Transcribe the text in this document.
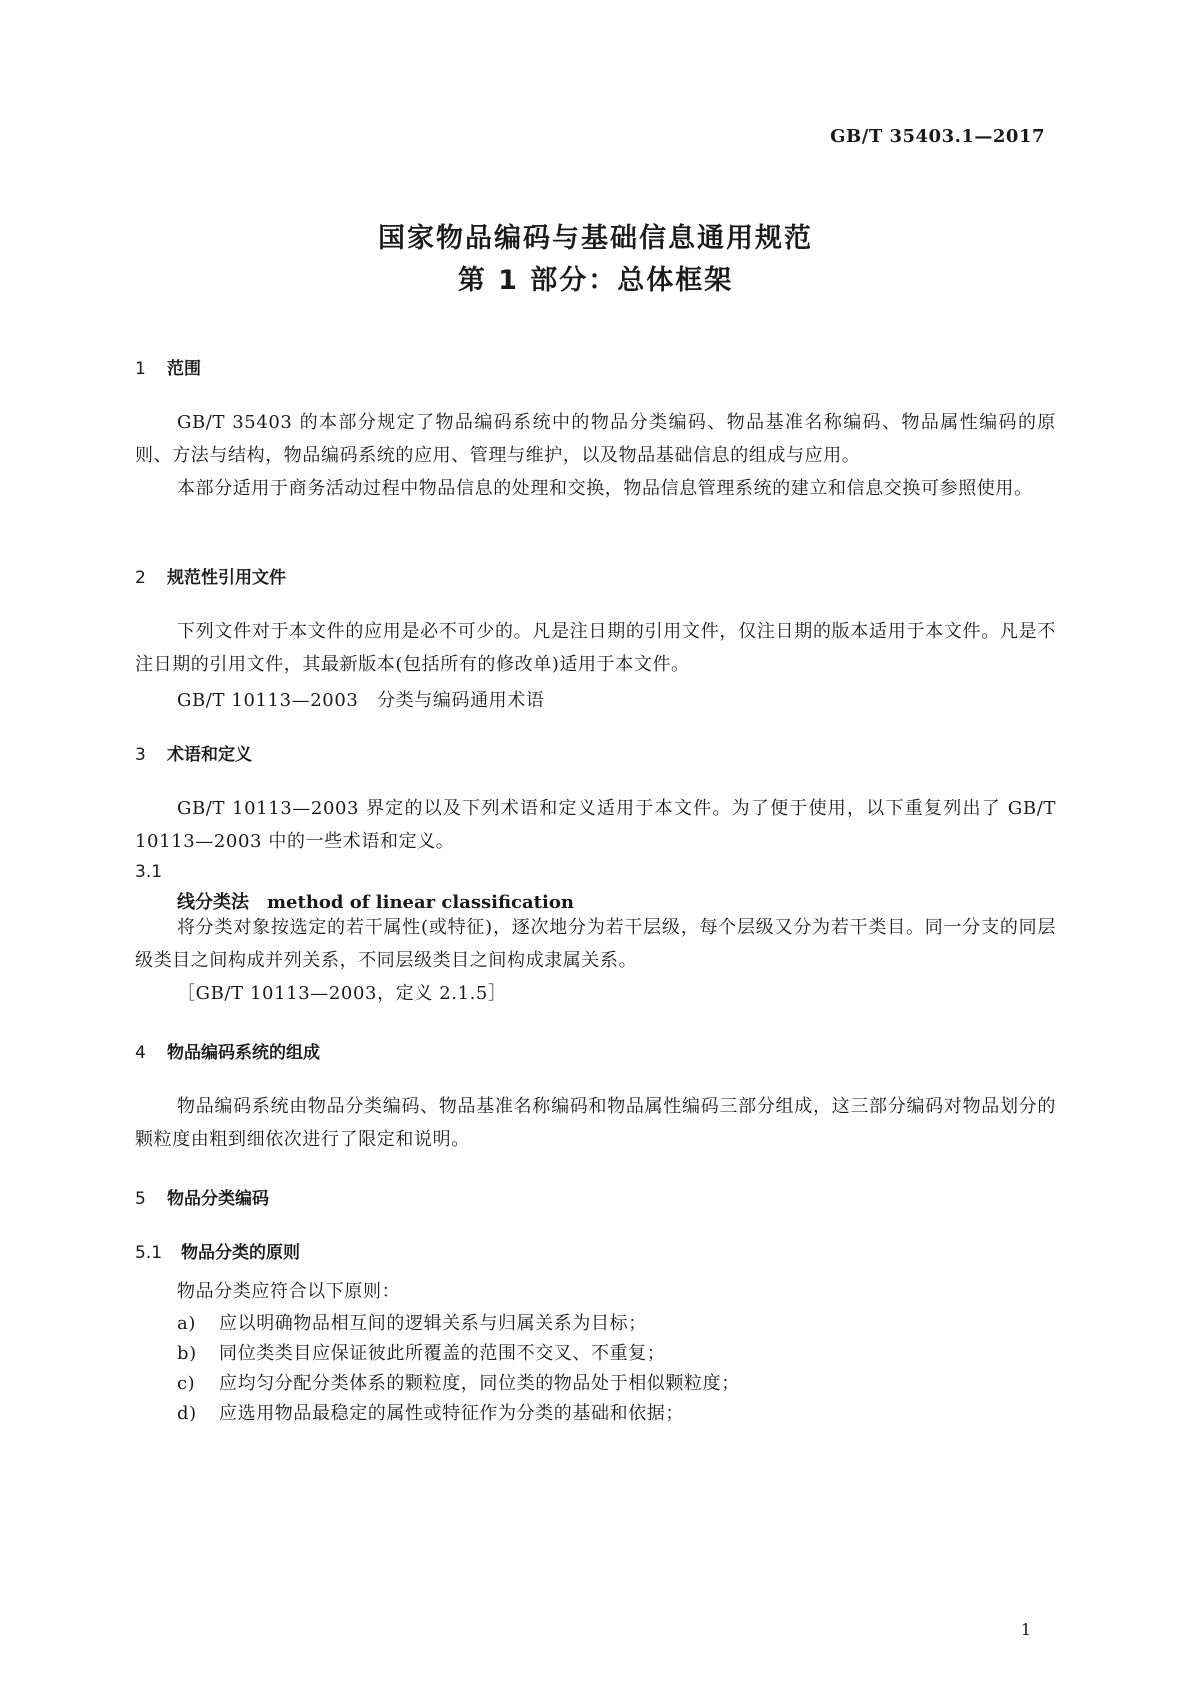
GB/T 35403.1—2017
国家物品编码与基础信息通用规范
第 1 部分：总体框架
1 范围

GB/T 35403 的本部分规定了物品编码系统中的物品分类编码、物品基准名称编码、物品属性编码的原则、方法与结构，物品编码系统的应用、管理与维护，以及物品基础信息的组成与应用。

本部分适用于商务活动过程中物品信息的处理和交换，物品信息管理系统的建立和信息交换可参照使用。

2 规范性引用文件

下列文件对于本文件的应用是必不可少的。凡是注日期的引用文件，仅注日期的版本适用于本文件。凡是不注日期的引用文件，其最新版本(包括所有的修改单)适用于本文件。

GB/T 10113—2003　分类与编码通用术语
3 术语和定义

GB/T 10113—2003 界定的以及下列术语和定义适用于本文件。为了便于使用，以下重复列出了 GB/T 10113—2003 中的一些术语和定义。

3.1
线分类法 method of linear classification

将分类对象按选定的若干属性(或特征)，逐次地分为若干层级，每个层级又分为若干类目。同一分支的同层级类目之间构成并列关系，不同层级类目之间构成隶属关系。

［GB/T 10113—2003，定义 2.1.5］
4 物品编码系统的组成

物品编码系统由物品分类编码、物品基准名称编码和物品属性编码三部分组成，这三部分编码对物品划分的颗粒度由粗到细依次进行了限定和说明。

5 物品分类编码
5.1 物品分类的原则
物品分类应符合以下原则：
a) 应以明确物品相互间的逻辑关系与归属关系为目标；
b) 同位类类目应保证彼此所覆盖的范围不交叉、不重复；
c) 应均匀分配分类体系的颗粒度，同位类的物品处于相似颗粒度；
d) 应选用物品最稳定的属性或特征作为分类的基础和依据；
1
